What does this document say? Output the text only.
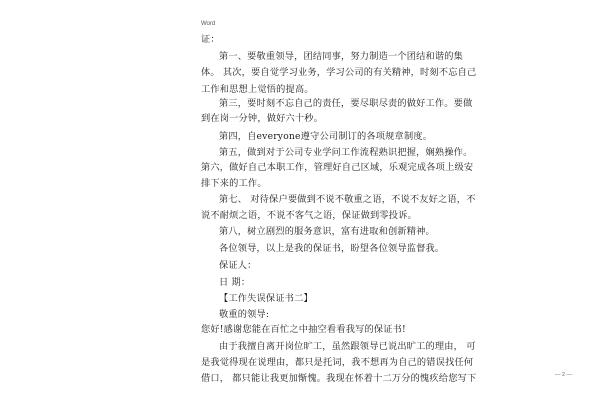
Word
证：
第一、要敬重领导，团结同事，努力制造一个团结和谐的集
体。 其次，要自觉学习业务，学习公司的有关精神，时刻不忘自己
工作和思想上觉悟的提高。
第三，要时刻不忘自己的责任，要尽职尽责的做好工作。要做
到在岗一分钟，做好六十秒。
第四，自everyone遵守公司制订的各项规章制度。
第五，做到对于公司专业学问工作流程熟识把握，娴熟操作。
第六，做好自己本职工作，管理好自己区域，乐观完成各项上级安
排下来的工作。
第七、 对待保户要做到不说不敬重之语，不说不友好之语，不
说不耐烦之语，不说不客气之语，保证做到零投诉。
第八，树立剧烈的服务意识，富有进取和创新精神。
各位领导，以上是我的保证书，盼望各位领导监督我。
保证人：
日 期：
【工作失误保证书二】
敬重的领导:
您好!感谢您能在百忙之中抽空看看我写的保证书!
由于我擅自离开岗位旷工，虽然跟领导已说出旷工的理由， 可
是我觉得现在说理由，都只是托词，我不想再为自己的错误找任何
借口， 都只能让我更加惭愧。我现在怀着十二万分的愧疚给您写下	— 2 —
